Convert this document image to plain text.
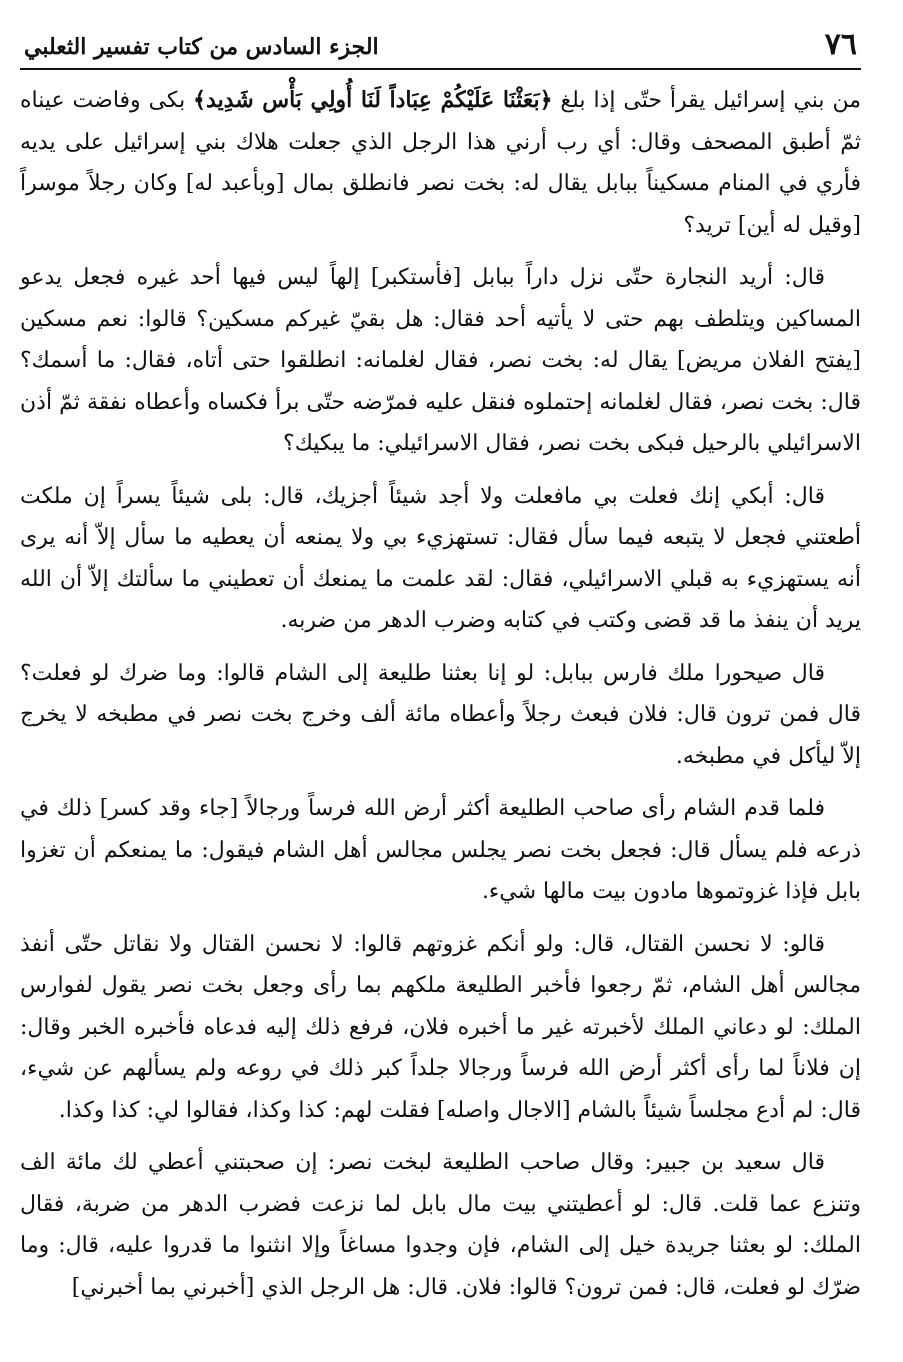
٧٦
الجزء السادس من كتاب تفسير الثعلبي

من بني إسرائيل يقرأ حتّى إذا بلغ ﴿بَعَثْنَا عَلَيْكُمْ عِبَاداً لَنَا أُولِي بَأْس شَدِيد﴾ بكى وفاضت عيناه ثمّ أطبق المصحف وقال: أي رب أرني هذا الرجل الذي جعلت هلاك بني إسرائيل على يديه فأري في المنام مسكيناً ببابل يقال له: بخت نصر فانطلق بمال [وبأعبد له] وكان رجلاً موسراً [وقيل له أين] تريد؟

قال: أريد النجارة حتّى نزل داراً ببابل [فأستكبر] إلهاً ليس فيها أحد غيره فجعل يدعو المساكين ويتلطف بهم حتى لا يأتيه أحد فقال: هل بقيّ غيركم مسكين؟ قالوا: نعم مسكين [يفتح الفلان مريض] يقال له: بخت نصر، فقال لغلمانه: انطلقوا حتى أتاه، فقال: ما أسمك؟ قال: بخت نصر، فقال لغلمانه إحتملوه فنقل عليه فمرّضه حتّى برأ فكساه وأعطاه نفقة ثمّ أذن الاسرائيلي بالرحيل فبكى بخت نصر، فقال الاسرائيلي: ما يبكيك؟

قال: أبكي إنك فعلت بي مافعلت ولا أجد شيئاً أجزيك، قال: بلى شيئاً يسراً إن ملكت أطعتني فجعل لا يتبعه فيما سأل فقال: تستهزيء بي ولا يمنعه أن يعطيه ما سأل إلاّ أنه يرى أنه يستهزيء به قبلي الاسرائيلي، فقال: لقد علمت ما يمنعك أن تعطيني ما سألتك إلاّ أن الله يريد أن ينفذ ما قد قضى وكتب في كتابه وضرب الدهر من ضربه.

قال صيحورا ملك فارس ببابل: لو إنا بعثنا طليعة إلى الشام قالوا: وما ضرك لو فعلت؟ قال فمن ترون قال: فلان فبعث رجلاً وأعطاه مائة ألف وخرج بخت نصر في مطبخه لا يخرج إلاّ ليأكل في مطبخه.

فلما قدم الشام رأى صاحب الطليعة أكثر أرض الله فرساً ورجالاً [جاء وقد كسر] ذلك في ذرعه فلم يسأل قال: فجعل بخت نصر يجلس مجالس أهل الشام فيقول: ما يمنعكم أن تغزوا بابل فإذا غزوتموها مادون بيت مالها شيء.

قالو: لا نحسن القتال، قال: ولو أنكم غزوتهم قالوا: لا نحسن القتال ولا نقاتل حتّى أنفذ مجالس أهل الشام، ثمّ رجعوا فأخبر الطليعة ملكهم بما رأى وجعل بخت نصر يقول لفوارس الملك: لو دعاني الملك لأخبرته غير ما أخبره فلان، فرفع ذلك إليه فدعاه فأخبره الخبر وقال: إن فلاناً لما رأى أكثر أرض الله فرساً ورجالا جلداً كبر ذلك في روعه ولم يسألهم عن شيء، قال: لم أدع مجلساً شيئاً بالشام [الاجال واصله] فقلت لهم: كذا وكذا، فقالوا لي: كذا وكذا.

قال سعيد بن جبير: وقال صاحب الطليعة لبخت نصر: إن صحبتني أعطي لك مائة الف وتنزع عما قلت. قال: لو أعطيتني بيت مال بابل لما نزعت فضرب الدهر من ضربة، فقال الملك: لو بعثنا جريدة خيل إلى الشام، فإن وجدوا مساغاً وإلا انثنوا ما قدروا عليه، قال: وما ضرّك لو فعلت، قال: فمن ترون؟ قالوا: فلان. قال: هل الرجل الذي [أخبرني بما أخبرني]
